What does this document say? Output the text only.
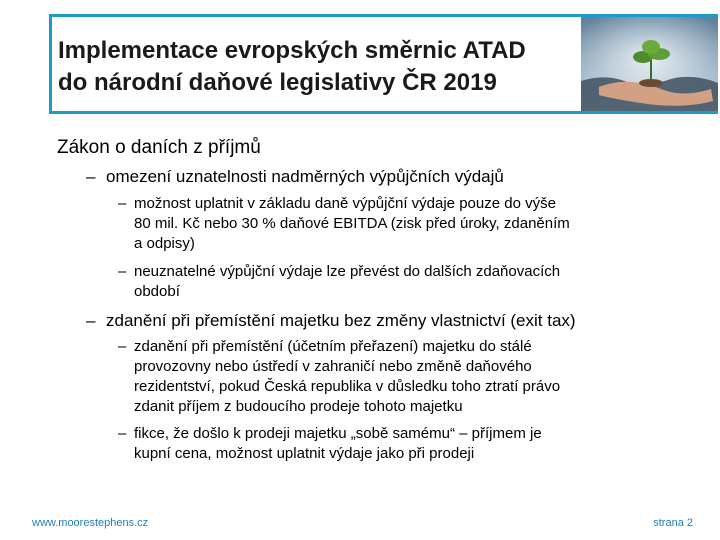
Implementace evropských směrnic ATAD
do národní daňové legislativy ČR 2019
Zákon o daních z příjmů
– omezení uznatelnosti nadměrných výpůjčních výdajů
– možnost uplatnit v základu daně výpůjční výdaje pouze do výše
80 mil. Kč nebo 30 % daňové EBITDA (zisk před úroky, zdaněním
a odpisy)
– neuznatelné výpůjční výdaje lze převést do dalších zdaňovacích
období
– zdanění při přemístění majetku bez změny vlastnictví (exit tax)
– zdanění při přemístění (účetním přeřazení) majetku do stálé
provozovny nebo ústředí v zahraničí nebo změně daňového
rezidentství, pokud Česká republika v důsledku toho ztratí právo
zdanit příjem z budoucího prodeje tohoto majetku
– fikce, že došlo k prodeji majetku „sobě samému“ – příjmem je
kupní cena, možnost uplatnit výdaje jako při prodeji
www.moorestephens.cz	strana 2
